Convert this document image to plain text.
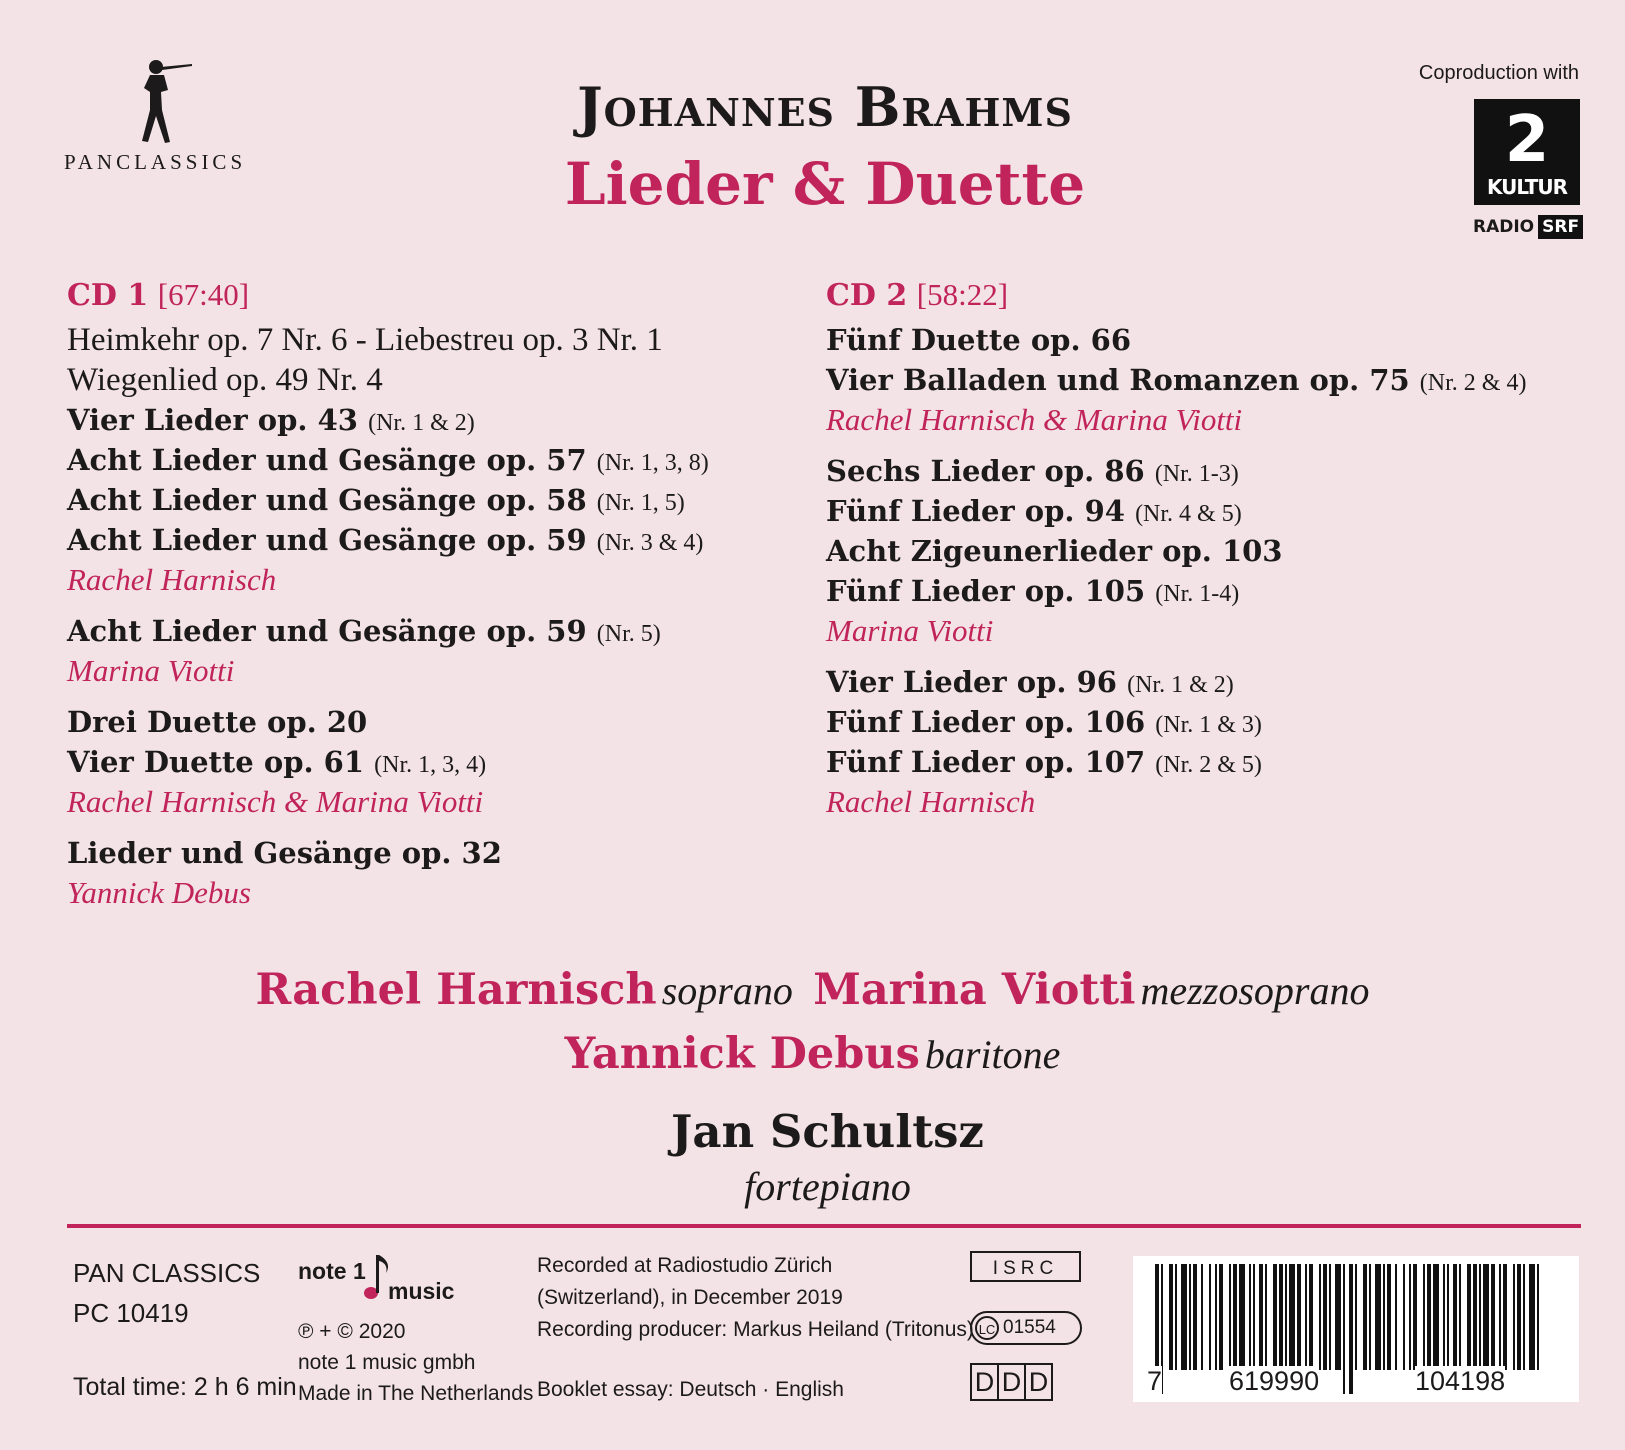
PANCLASSICS
Johannes Brahms
Lieder & Duette
Coproduction with
2
KULTUR
RADIO SRF
CD 1 [67:40]
Heimkehr op. 7 Nr. 6 - Liebestreu op. 3 Nr. 1
Wiegenlied op. 49 Nr. 4
Vier Lieder op. 43 (Nr. 1 & 2)
Acht Lieder und Gesänge op. 57 (Nr. 1, 3, 8)
Acht Lieder und Gesänge op. 58 (Nr. 1, 5)
Acht Lieder und Gesänge op. 59 (Nr. 3 & 4)
Rachel Harnisch
Acht Lieder und Gesänge op. 59 (Nr. 5)
Marina Viotti
Drei Duette op. 20
Vier Duette op. 61 (Nr. 1, 3, 4)
Rachel Harnisch & Marina Viotti
Lieder und Gesänge op. 32
Yannick Debus
CD 2 [58:22]
Fünf Duette op. 66
Vier Balladen und Romanzen op. 75 (Nr. 2 & 4)
Rachel Harnisch & Marina Viotti
Sechs Lieder op. 86 (Nr. 1-3)
Fünf Lieder op. 94 (Nr. 4 & 5)
Acht Zigeunerlieder op. 103
Fünf Lieder op. 105 (Nr. 1-4)
Marina Viotti
Vier Lieder op. 96 (Nr. 1 & 2)
Fünf Lieder op. 106 (Nr. 1 & 3)
Fünf Lieder op. 107 (Nr. 2 & 5)
Rachel Harnisch
Rachel Harnisch soprano Marina Viotti mezzosoprano
Yannick Debus baritone
Jan Schultsz
fortepiano
PAN CLASSICS
PC 10419
Total time: 2 h 6 min
note 1
music
℗ + © 2020
note 1 music gmbh
Made in The Netherlands
Recorded at Radiostudio Zürich
(Switzerland), in December 2019
Recording producer: Markus Heiland (Tritonus)
Booklet essay: Deutsch · English
ISRC
LC 01554
D D D	7 619990	104198
